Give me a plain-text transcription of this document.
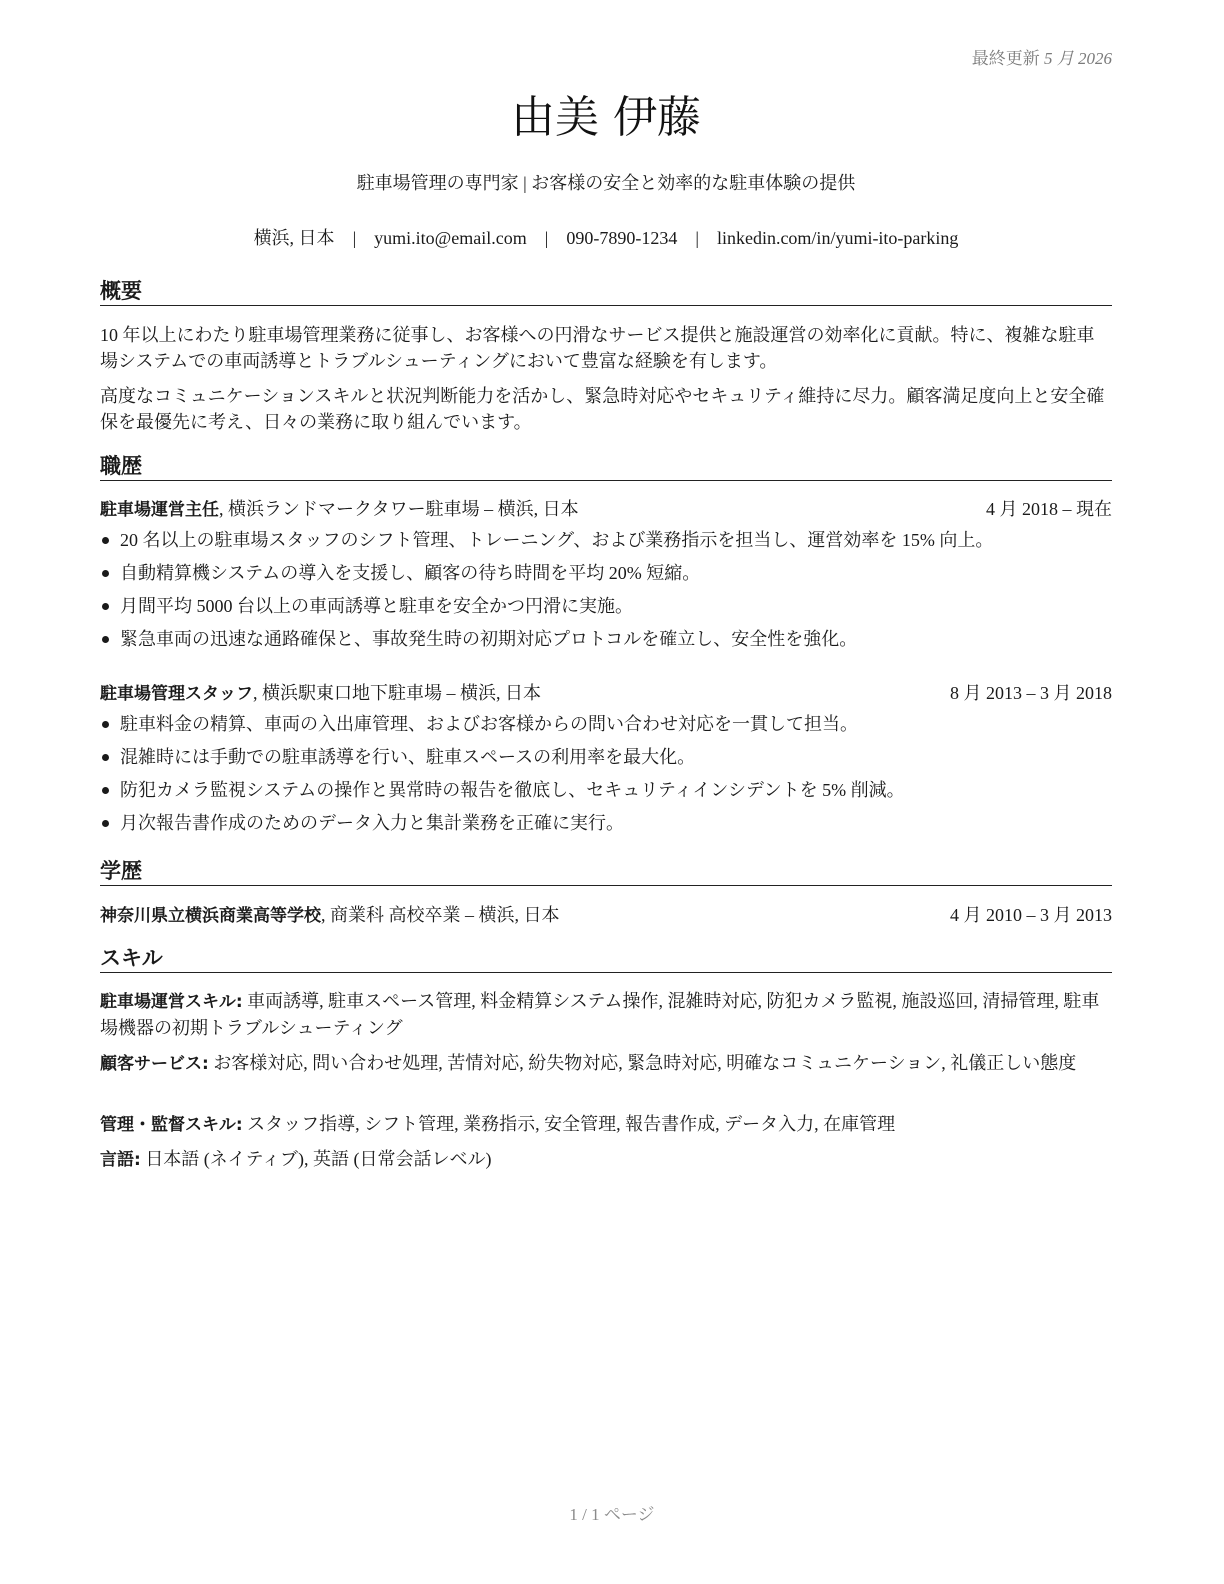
最終更新 5 月 2026
由美 伊藤
駐車場管理の専門家 | お客様の安全と効率的な駐車体験の提供
横浜, 日本 | yumi.ito@email.com | 090-7890-1234 | linkedin.com/in/yumi-ito-parking
概要
10 年以上にわたり駐車場管理業務に従事し、お客様への円滑なサービス提供と施設運営の効率化に貢献。特に、複雑な駐車場システムでの車両誘導とトラブルシューティングにおいて豊富な経験を有します。
高度なコミュニケーションスキルと状況判断能力を活かし、緊急時対応やセキュリティ維持に尽力。顧客満足度向上と安全確保を最優先に考え、日々の業務に取り組んでいます。
職歴
駐車場運営主任, 横浜ランドマークタワー駐車場 – 横浜, 日本	4 月 2018 – 現在
20 名以上の駐車場スタッフのシフト管理、トレーニング、および業務指示を担当し、運営効率を 15% 向上。
自動精算機システムの導入を支援し、顧客の待ち時間を平均 20% 短縮。
月間平均 5000 台以上の車両誘導と駐車を安全かつ円滑に実施。
緊急車両の迅速な通路確保と、事故発生時の初期対応プロトコルを確立し、安全性を強化。
駐車場管理スタッフ, 横浜駅東口地下駐車場 – 横浜, 日本	8 月 2013 – 3 月 2018
駐車料金の精算、車両の入出庫管理、およびお客様からの問い合わせ対応を一貫して担当。
混雑時には手動での駐車誘導を行い、駐車スペースの利用率を最大化。
防犯カメラ監視システムの操作と異常時の報告を徹底し、セキュリティインシデントを 5% 削減。
月次報告書作成のためのデータ入力と集計業務を正確に実行。
学歴
神奈川県立横浜商業高等学校, 商業科 高校卒業 – 横浜, 日本	4 月 2010 – 3 月 2013
スキル
駐車場運営スキル: 車両誘導, 駐車スペース管理, 料金精算システム操作, 混雑時対応, 防犯カメラ監視, 施設巡回, 清掃管理, 駐車場機器の初期トラブルシューティング
顧客サービス: お客様対応, 問い合わせ処理, 苦情対応, 紛失物対応, 緊急時対応, 明確なコミュニケーション, 礼儀正しい態度
管理・監督スキル: スタッフ指導, シフト管理, 業務指示, 安全管理, 報告書作成, データ入力, 在庫管理
言語: 日本語 (ネイティブ), 英語 (日常会話レベル)
1 / 1 ページ
